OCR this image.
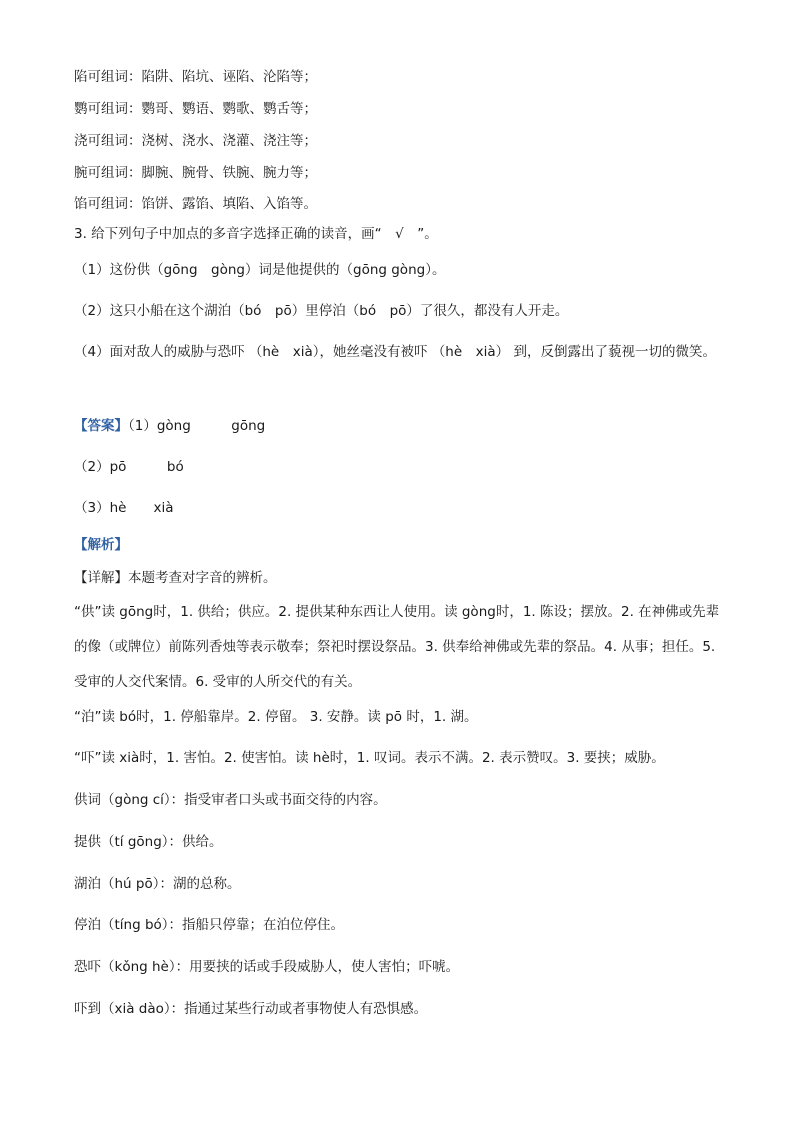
陷可组词：陷阱、陷坑、诬陷、沦陷等；
鹦可组词：鹦哥、鹦语、鹦歌、鹦舌等；
浇可组词：浇树、浇水、浇灌、浇注等；
腕可组词：脚腕、腕骨、铁腕、腕力等；
馅可组词：馅饼、露馅、填陷、入馅等。
3. 给下列句子中加点的多音字选择正确的读音，画“　√　”。
（1）这份供（gōng　gòng）词是他提供的（gōng gòng）。
（2）这只小船在这个湖泊（bó　pō）里停泊（bó　pō）了很久，都没有人开走。
（4）面对敌人的威胁与恐吓 （hè　xià），她丝毫没有被吓 （hè　xià） 到，反倒露出了藐视一切的微笑。
【答案】（1）gòng　　　gōng
（2）pō　　　bó
（3）hè　　xià
【解析】
【详解】本题考查对字音的辨析。
“供”读 gōng时，1. 供给；供应。2. 提供某种东西让人使用。读 gòng时，1. 陈设；摆放。2. 在神佛或先辈的像（或牌位）前陈列香烛等表示敬奉；祭祀时摆设祭品。3. 供奉给神佛或先辈的祭品。4. 从事；担任。5. 受审的人交代案情。6. 受审的人所交代的有关。
“泊”读 bó时，1. 停船靠岸。2. 停留。 3. 安静。读 pō 时，1. 湖。
“吓”读 xià时，1. 害怕。2. 使害怕。读 hè时，1. 叹词。表示不满。2. 表示赞叹。3. 要挟；威胁。
供词（gòng cí）：指受审者口头或书面交待的内容。
提供（tí gōng）：供给。
湖泊（hú pō）：湖的总称。
停泊（tíng bó）：指船只停靠；在泊位停住。
恐吓（kǒng hè）：用要挟的话或手段威胁人，使人害怕；吓唬。
吓到（xià dào）：指通过某些行动或者事物使人有恐惧感。
